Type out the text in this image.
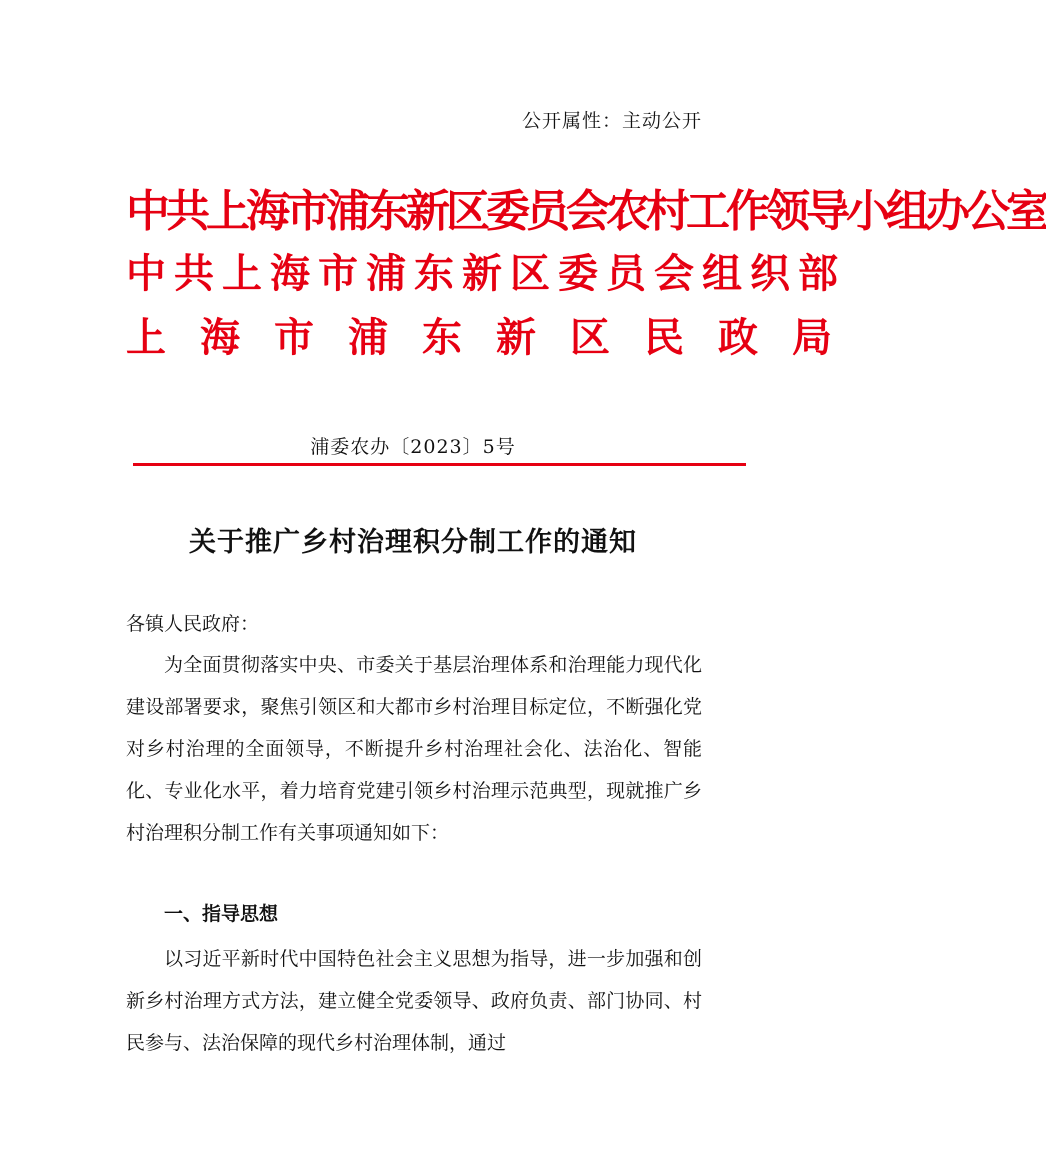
公开属性：主动公开
中共上海市浦东新区委员会农村工作领导小组办公室
中共上海市浦东新区委员会组织部
上海市浦东新区民政局
浦委农办〔2023〕5号
关于推广乡村治理积分制工作的通知
各镇人民政府：
为全面贯彻落实中央、市委关于基层治理体系和治理能力现代化建设部署要求，聚焦引领区和大都市乡村治理目标定位，不断强化党对乡村治理的全面领导，不断提升乡村治理社会化、法治化、智能化、专业化水平，着力培育党建引领乡村治理示范典型，现就推广乡村治理积分制工作有关事项通知如下：
一、指导思想
以习近平新时代中国特色社会主义思想为指导，进一步加强和创新乡村治理方式方法，建立健全党委领导、政府负责、部门协同、村民参与、法治保障的现代乡村治理体制，通过
